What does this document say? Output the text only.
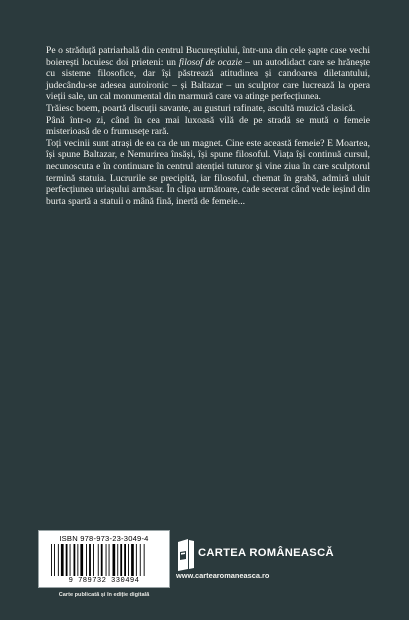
Pe o străduță patriarhală din centrul Bucureștiului, într-una din cele șapte case vechi boierești locuiesc doi prieteni: un filosof de ocazie – un autodidact care se hrănește cu sisteme filosofice, dar își păstrează atitudinea și candoarea diletantului, judecându-se adesea autoironic – și Baltazar – un sculptor care lucrează la opera vieții sale, un cal monumental din marmură care va atinge perfecțiunea.

Trăiesc boem, poartă discuții savante, au gusturi rafinate, ascultă muzică clasică.

Până într-o zi, când în cea mai luxoasă vilă de pe stradă se mută o femeie misterioasă de o frumusețe rară.

Toți vecinii sunt atrași de ea ca de un magnet. Cine este această femeie? E Moartea, își spune Baltazar, e Nemurirea însăși, își spune filosoful. Viața își continuă cursul, necunoscuta e în continuare în centrul atenției tuturor și vine ziua în care sculptorul termină statuia. Lucrurile se precipită, iar filosoful, chemat în grabă, admiră uluit perfecțiunea uriașului armăsar. În clipa următoare, cade secerat când vede ieșind din burta spartă a statuii o mână fină, inertă de femeie...

ISBN 978-973-23-3049-4
9 789732 330494
Carte publicată și în ediție digitală
CARTEA ROMÂNEASCĂ
www.cartearomaneasca.ro
